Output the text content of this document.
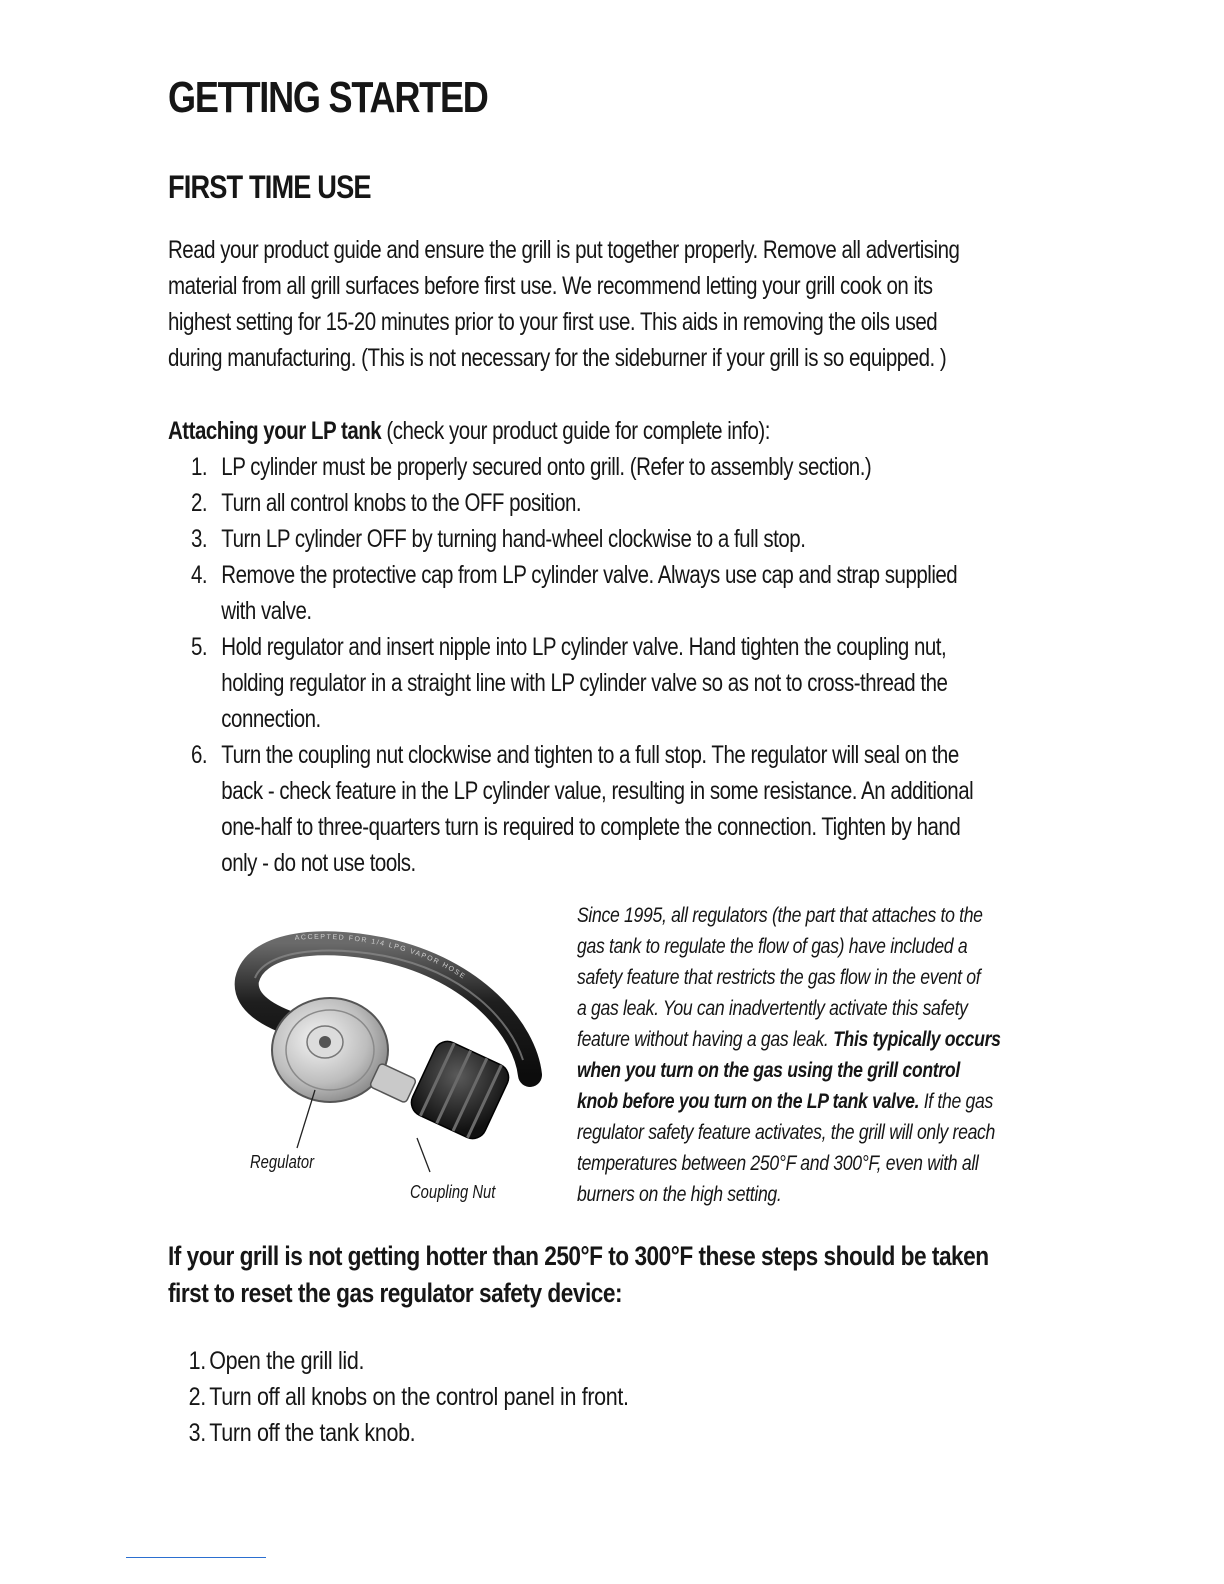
GETTING STARTED
FIRST TIME USE

Read your product guide and ensure the grill is put together properly. Remove all advertising
material from all grill surfaces before first use. We recommend letting your grill cook on its
highest setting for 15-20 minutes prior to your first use. This aids in removing the oils used
during manufacturing. (This is not necessary for the sideburner if your grill is so equipped. )

Attaching your LP tank (check your product guide for complete info):
1. LP cylinder must be properly secured onto grill. (Refer to assembly section.)
2. Turn all control knobs to the OFF position.
3. Turn LP cylinder OFF by turning hand-wheel clockwise to a full stop.
4. Remove the protective cap from LP cylinder valve. Always use cap and strap supplied
with valve.
5. Hold regulator and insert nipple into LP cylinder valve. Hand tighten the coupling nut,
holding regulator in a straight line with LP cylinder valve so as not to cross-thread the
connection.
6. Turn the coupling nut clockwise and tighten to a full stop. The regulator will seal on the
back - check feature in the LP cylinder value, resulting in some resistance. An additional
one-half to three-quarters turn is required to complete the connection. Tighten by hand
only - do not use tools.
ACCEPTED FOR 1/4 LPG VAPOR HOSE
Regulator
Coupling Nut
Since 1995, all regulators (the part that attaches to the
gas tank to regulate the flow of gas) have included a
safety feature that restricts the gas flow in the event of
a gas leak. You can inadvertently activate this safety
feature without having a gas leak. This typically occurs
when you turn on the gas using the grill control
knob before you turn on the LP tank valve. If the gas
regulator safety feature activates, the grill will only reach
temperatures between 250°F and 300°F, even with all
burners on the high setting.
If your grill is not getting hotter than 250°F to 300°F these steps should be taken
first to reset the gas regulator safety device:
1. Open the grill lid.
2. Turn off all knobs on the control panel in front.
3. Turn off the tank knob.
